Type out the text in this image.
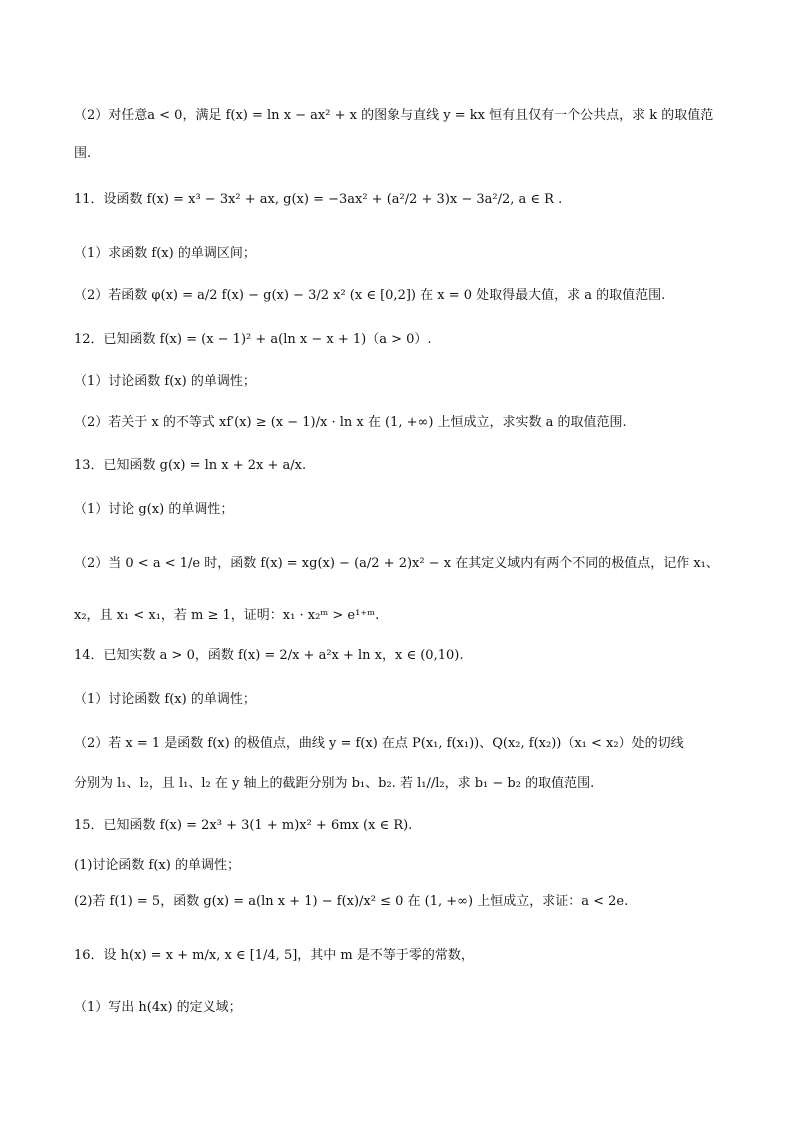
（2）对任意a < 0，满足 f(x) = ln x − ax² + x 的图象与直线 y = kx 恒有且仅有一个公共点，求 k 的取值范
围.
11．设函数 f(x) = x³ − 3x² + ax, g(x) = −3ax² + (a²/2 + 3)x − 3a²/2, a ∈ R .
（1）求函数 f(x) 的单调区间；
（2）若函数 φ(x) = a/2 f(x) − g(x) − 3/2 x² (x ∈ [0,2]) 在 x = 0 处取得最大值，求 a 的取值范围.
12．已知函数 f(x) = (x − 1)² + a(ln x − x + 1)（a > 0）.
（1）讨论函数 f(x) 的单调性；
（2）若关于 x 的不等式 xf′(x) ≥ (x − 1)/x · ln x 在 (1, +∞) 上恒成立，求实数 a 的取值范围.
13．已知函数 g(x) = ln x + 2x + a/x.
（1）讨论 g(x) 的单调性；
（2）当 0 < a < 1/e 时，函数 f(x) = xg(x) − (a/2 + 2)x² − x 在其定义域内有两个不同的极值点，记作 x₁、
x₂，且 x₁ < x₁，若 m ≥ 1，证明：x₁ · x₂ᵐ > e¹⁺ᵐ.
14．已知实数 a > 0，函数 f(x) = 2/x + a²x + ln x，x ∈ (0,10).
（1）讨论函数 f(x) 的单调性；
（2）若 x = 1 是函数 f(x) 的极值点，曲线 y = f(x) 在点 P(x₁, f(x₁))、Q(x₂, f(x₂))（x₁ < x₂）处的切线
分别为 l₁、l₂，且 l₁、l₂ 在 y 轴上的截距分别为 b₁、b₂. 若 l₁//l₂，求 b₁ − b₂ 的取值范围.
15．已知函数 f(x) = 2x³ + 3(1 + m)x² + 6mx (x ∈ R).
(1)讨论函数 f(x) 的单调性；
(2)若 f(1) = 5，函数 g(x) = a(ln x + 1) − f(x)/x² ≤ 0 在 (1, +∞) 上恒成立，求证：a < 2e.
16．设 h(x) = x + m/x, x ∈ [1/4, 5]，其中 m 是不等于零的常数，
（1）写出 h(4x) 的定义域；
